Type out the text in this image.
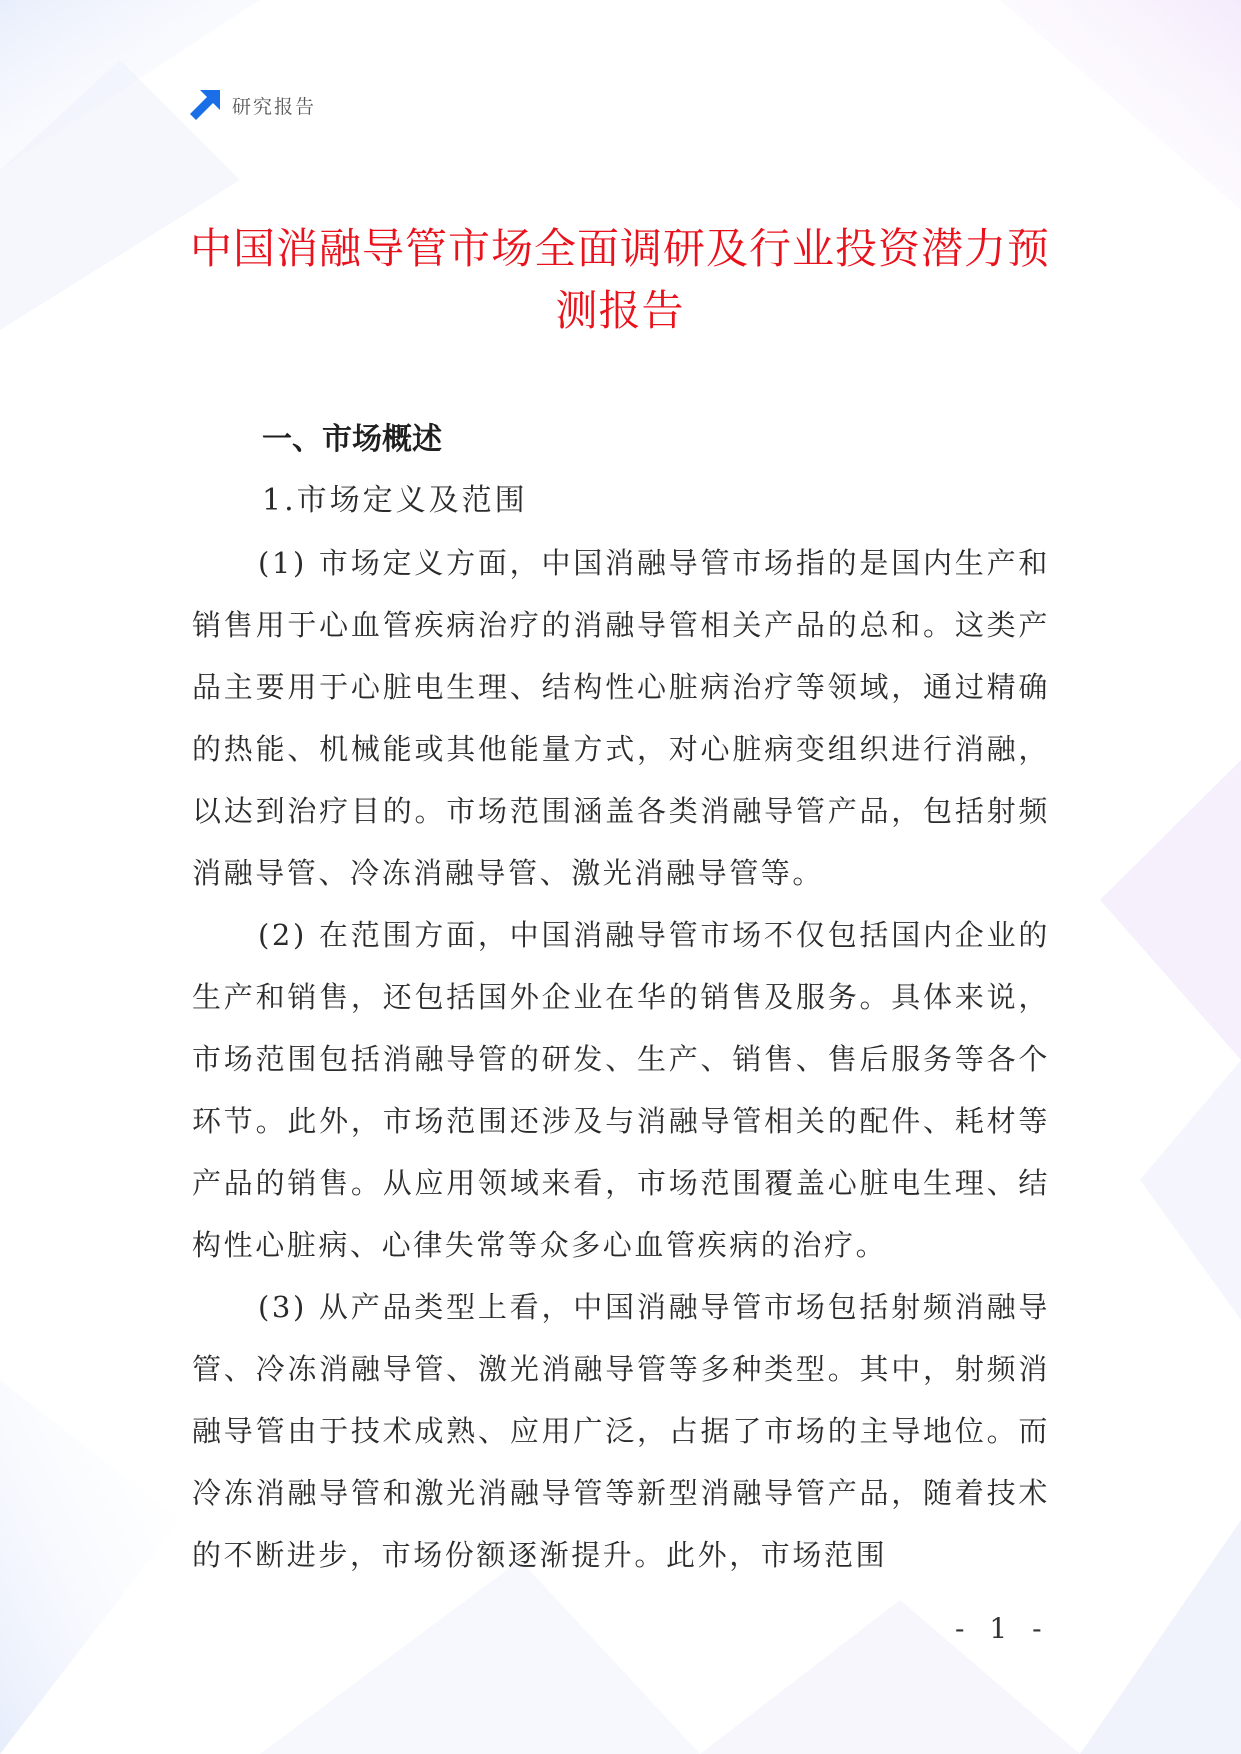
研究报告
中国消融导管市场全面调研及行业投资潜力预测报告
一、市场概述

1.市场定义及范围

(1) 市场定义方面，中国消融导管市场指的是国内生产和销售用于心血管疾病治疗的消融导管相关产品的总和。这类产品主要用于心脏电生理、结构性心脏病治疗等领域，通过精确的热能、机械能或其他能量方式，对心脏病变组织进行消融，以达到治疗目的。市场范围涵盖各类消融导管产品，包括射频消融导管、冷冻消融导管、激光消融导管等。

(2) 在范围方面，中国消融导管市场不仅包括国内企业的生产和销售，还包括国外企业在华的销售及服务。具体来说，市场范围包括消融导管的研发、生产、销售、售后服务等各个环节。此外，市场范围还涉及与消融导管相关的配件、耗材等产品的销售。从应用领域来看，市场范围覆盖心脏电生理、结构性心脏病、心律失常等众多心血管疾病的治疗。

(3) 从产品类型上看，中国消融导管市场包括射频消融导管、冷冻消融导管、激光消融导管等多种类型。其中，射频消融导管由于技术成熟、应用广泛，占据了市场的主导地位。而冷冻消融导管和激光消融导管等新型消融导管产品，随着技术的不断进步，市场份额逐渐提升。此外，市场范围

- 1 -
